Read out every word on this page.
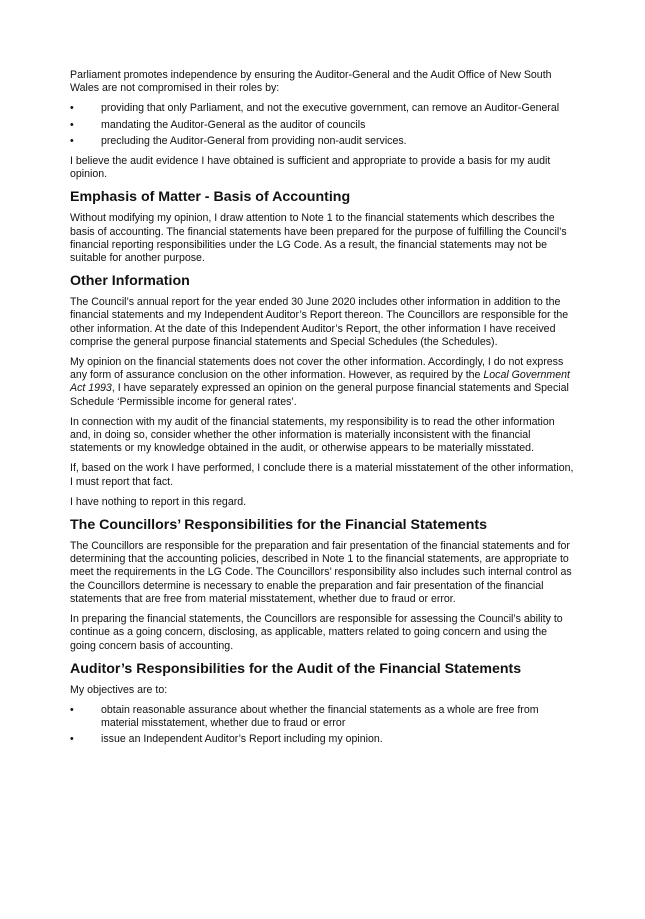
Parliament promotes independence by ensuring the Auditor-General and the Audit Office of New South Wales are not compromised in their roles by:

•	providing that only Parliament, and not the executive government, can remove an Auditor-General
•	mandating the Auditor-General as the auditor of councils
•	precluding the Auditor-General from providing non-audit services.

I believe the audit evidence I have obtained is sufficient and appropriate to provide a basis for my audit opinion.

Emphasis of Matter - Basis of Accounting

Without modifying my opinion, I draw attention to Note 1 to the financial statements which describes the basis of accounting. The financial statements have been prepared for the purpose of fulfilling the Council’s financial reporting responsibilities under the LG Code. As a result, the financial statements may not be suitable for another purpose.

Other Information

The Council’s annual report for the year ended 30 June 2020 includes other information in addition to the financial statements and my Independent Auditor’s Report thereon. The Councillors are responsible for the other information. At the date of this Independent Auditor’s Report, the other information I have received comprise the general purpose financial statements and Special Schedules (the Schedules).

My opinion on the financial statements does not cover the other information. Accordingly, I do not express any form of assurance conclusion on the other information. However, as required by the Local Government Act 1993, I have separately expressed an opinion on the general purpose financial statements and Special Schedule ‘Permissible income for general rates’.

In connection with my audit of the financial statements, my responsibility is to read the other information and, in doing so, consider whether the other information is materially inconsistent with the financial statements or my knowledge obtained in the audit, or otherwise appears to be materially misstated.

If, based on the work I have performed, I conclude there is a material misstatement of the other information, I must report that fact.

I have nothing to report in this regard.

The Councillors’ Responsibilities for the Financial Statements

The Councillors are responsible for the preparation and fair presentation of the financial statements and for determining that the accounting policies, described in Note 1 to the financial statements, are appropriate to meet the requirements in the LG Code. The Councillors’ responsibility also includes such internal control as the Councillors determine is necessary to enable the preparation and fair presentation of the financial statements that are free from material misstatement, whether due to fraud or error.

In preparing the financial statements, the Councillors are responsible for assessing the Council’s ability to continue as a going concern, disclosing, as applicable, matters related to going concern and using the going concern basis of accounting.

Auditor’s Responsibilities for the Audit of the Financial Statements

My objectives are to:

•	obtain reasonable assurance about whether the financial statements as a whole are free from material misstatement, whether due to fraud or error
•	issue an Independent Auditor’s Report including my opinion.
